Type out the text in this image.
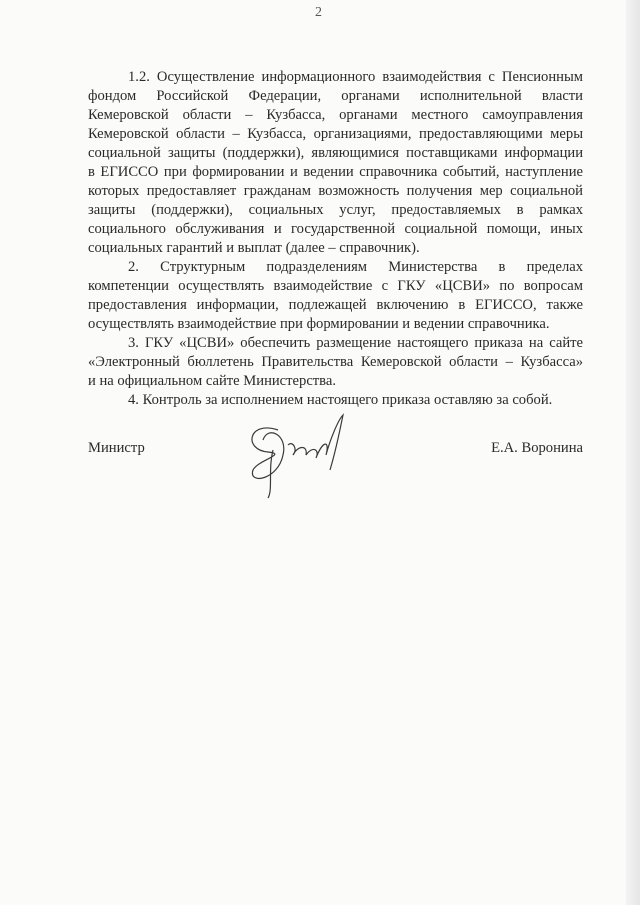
2
1.2. Осуществление информационного взаимодействия с Пенсионным
фондом Российской Федерации, органами исполнительной власти
Кемеровской области – Кузбасса, органами местного самоуправления
Кемеровской области – Кузбасса, организациями, предоставляющими меры
социальной защиты (поддержки), являющимися поставщиками информации
в ЕГИССО при формировании и ведении справочника событий, наступление
которых предоставляет гражданам возможность получения мер социальной
защиты (поддержки), социальных услуг, предоставляемых в рамках
социального обслуживания и государственной социальной помощи, иных
социальных гарантий и выплат (далее – справочник).
2. Структурным подразделениям Министерства в пределах
компетенции осуществлять взаимодействие с ГКУ «ЦСВИ» по вопросам
предоставления информации, подлежащей включению в ЕГИССО, также
осуществлять взаимодействие при формировании и ведении справочника.
3. ГКУ «ЦСВИ» обеспечить размещение настоящего приказа на сайте
«Электронный бюллетень Правительства Кемеровской области – Кузбасса»
и на официальном сайте Министерства.
4. Контроль за исполнением настоящего приказа оставляю за собой.
Министр	Е.А. Воронина
